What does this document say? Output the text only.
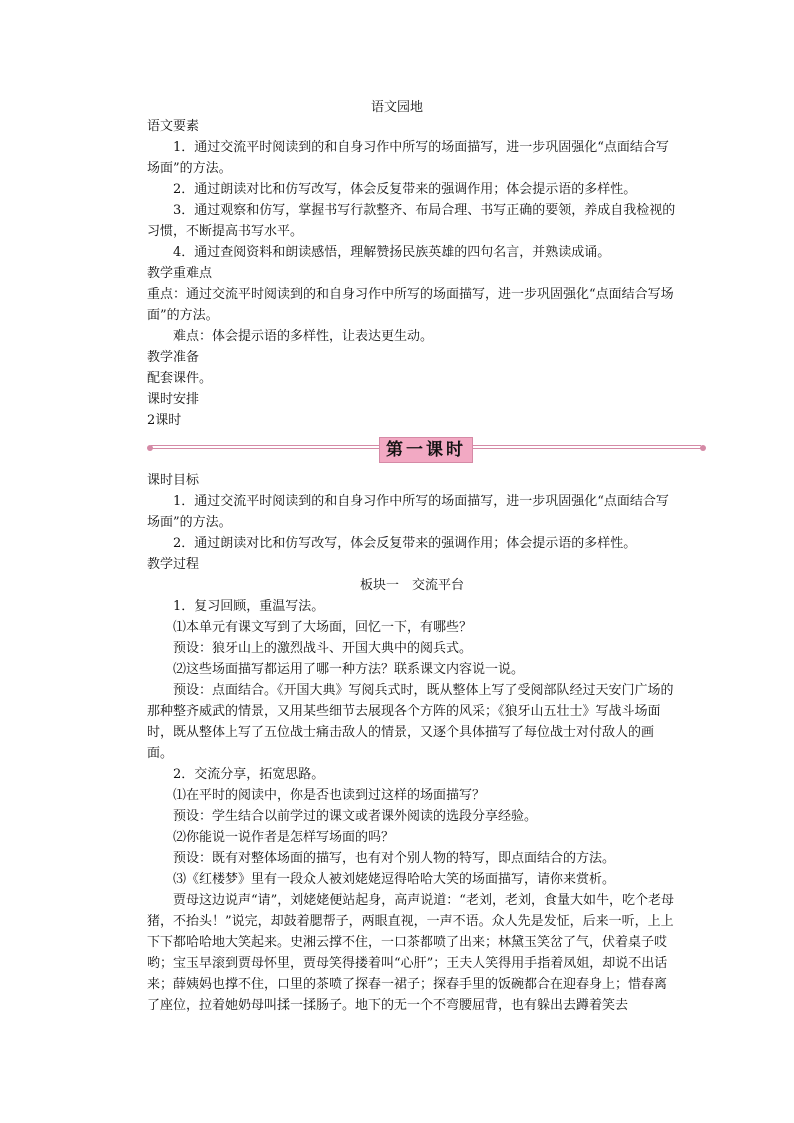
语文园地

语文要素

1．通过交流平时阅读到的和自身习作中所写的场面描写，进一步巩固强化“点面结合写场面”的方法。

2．通过朗读对比和仿写改写，体会反复带来的强调作用；体会提示语的多样性。

3．通过观察和仿写，掌握书写行款整齐、布局合理、书写正确的要领，养成自我检视的习惯，不断提高书写水平。

4．通过查阅资料和朗读感悟，理解赞扬民族英雄的四句名言，并熟读成诵。

教学重难点

重点：通过交流平时阅读到的和自身习作中所写的场面描写，进一步巩固强化“点面结合写场面”的方法。

难点：体会提示语的多样性，让表达更生动。

教学准备

配套课件。

课时安排

2课时

第一课时

课时目标

1．通过交流平时阅读到的和自身习作中所写的场面描写，进一步巩固强化“点面结合写场面”的方法。

2．通过朗读对比和仿写改写，体会反复带来的强调作用；体会提示语的多样性。

教学过程

板块一　交流平台

1．复习回顾，重温写法。

⑴本单元有课文写到了大场面，回忆一下，有哪些？

预设：狼牙山上的激烈战斗、开国大典中的阅兵式。

⑵这些场面描写都运用了哪一种方法？联系课文内容说一说。

预设：点面结合。《开国大典》写阅兵式时，既从整体上写了受阅部队经过天安门广场的那种整齐威武的情景，又用某些细节去展现各个方阵的风采；《狼牙山五壮士》写战斗场面时，既从整体上写了五位战士痛击敌人的情景，又逐个具体描写了每位战士对付敌人的画面。

2．交流分享，拓宽思路。

⑴在平时的阅读中，你是否也读到过这样的场面描写？

预设：学生结合以前学过的课文或者课外阅读的选段分享经验。

⑵你能说一说作者是怎样写场面的吗？

预设：既有对整体场面的描写，也有对个别人物的特写，即点面结合的方法。

⑶《红楼梦》里有一段众人被刘姥姥逗得哈哈大笑的场面描写，请你来赏析。

贾母这边说声“请”，刘姥姥便站起身，高声说道：“老刘，老刘，食量大如牛，吃个老母猪，不抬头！”说完，却鼓着腮帮子，两眼直视，一声不语。众人先是发怔，后来一听，上上下下都哈哈地大笑起来。史湘云撑不住，一口茶都喷了出来；林黛玉笑岔了气，伏着桌子哎哟；宝玉早滚到贾母怀里，贾母笑得搂着叫“心肝”；王夫人笑得用手指着凤姐，却说不出话来；薛姨妈也撑不住，口里的茶喷了探春一裙子；探春手里的饭碗都合在迎春身上；惜春离了座位，拉着她奶母叫揉一揉肠子。地下的无一个不弯腰屈背，也有躲出去蹲着笑去
